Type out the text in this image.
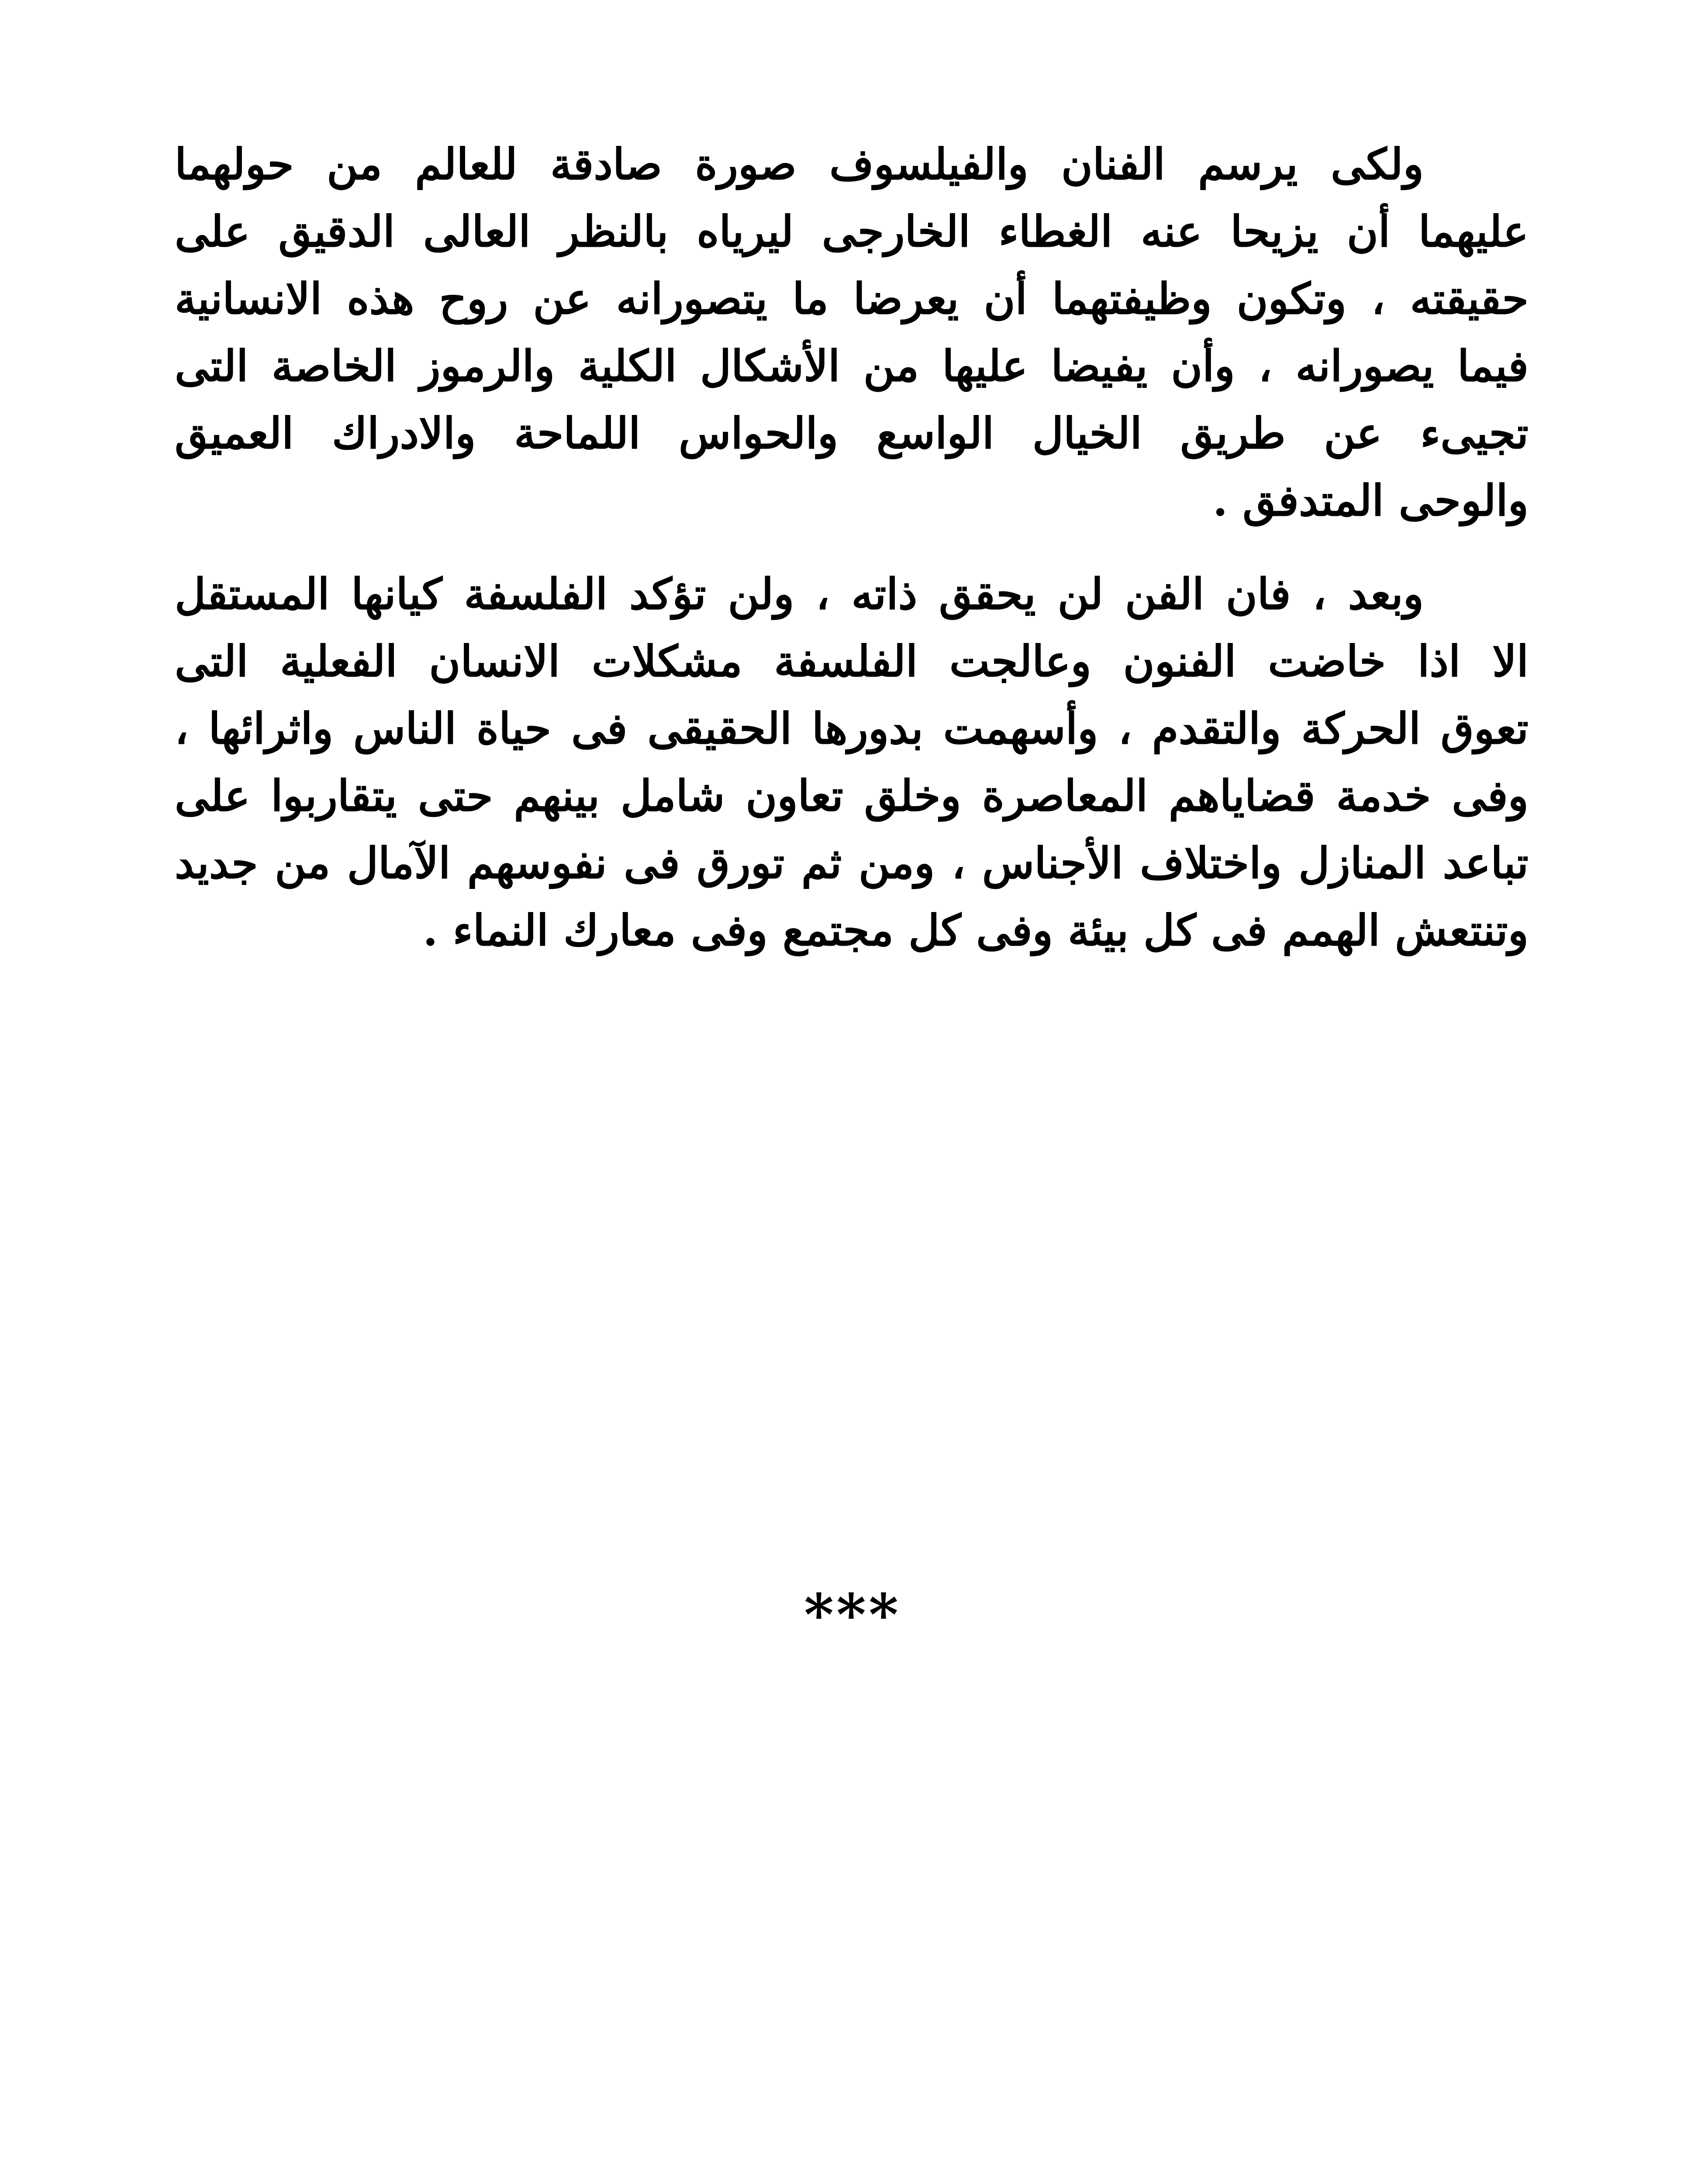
ولكى يرسم الفنان والفيلسوف صورة صادقة للعالم من حولهما
عليهما أن يزيحا عنه الغطاء الخارجى ليرياه بالنظر العالى الدقيق على
حقيقته ، وتكون وظيفتهما أن يعرضا ما يتصورانه عن روح هذه الانسانية
فيما يصورانه ، وأن يفيضا عليها من الأشكال الكلية والرموز الخاصة التى
تجيىء عن طريق الخيال الواسع والحواس اللماحة والادراك العميق
والوحى المتدفق .
وبعد ، فان الفن لن يحقق ذاته ، ولن تؤكد الفلسفة كيانها المستقل
الا اذا خاضت الفنون وعالجت الفلسفة مشكلات الانسان الفعلية التى
تعوق الحركة والتقدم ، وأسهمت بدورها الحقيقى فى حياة الناس واثرائها ،
وفى خدمة قضاياهم المعاصرة وخلق تعاون شامل بينهم حتى يتقاربوا على
تباعد المنازل واختلاف الأجناس ، ومن ثم تورق فى نفوسهم الآمال من جديد
وتنتعش الهمم فى كل بيئة وفى كل مجتمع وفى معارك النماء .
***
